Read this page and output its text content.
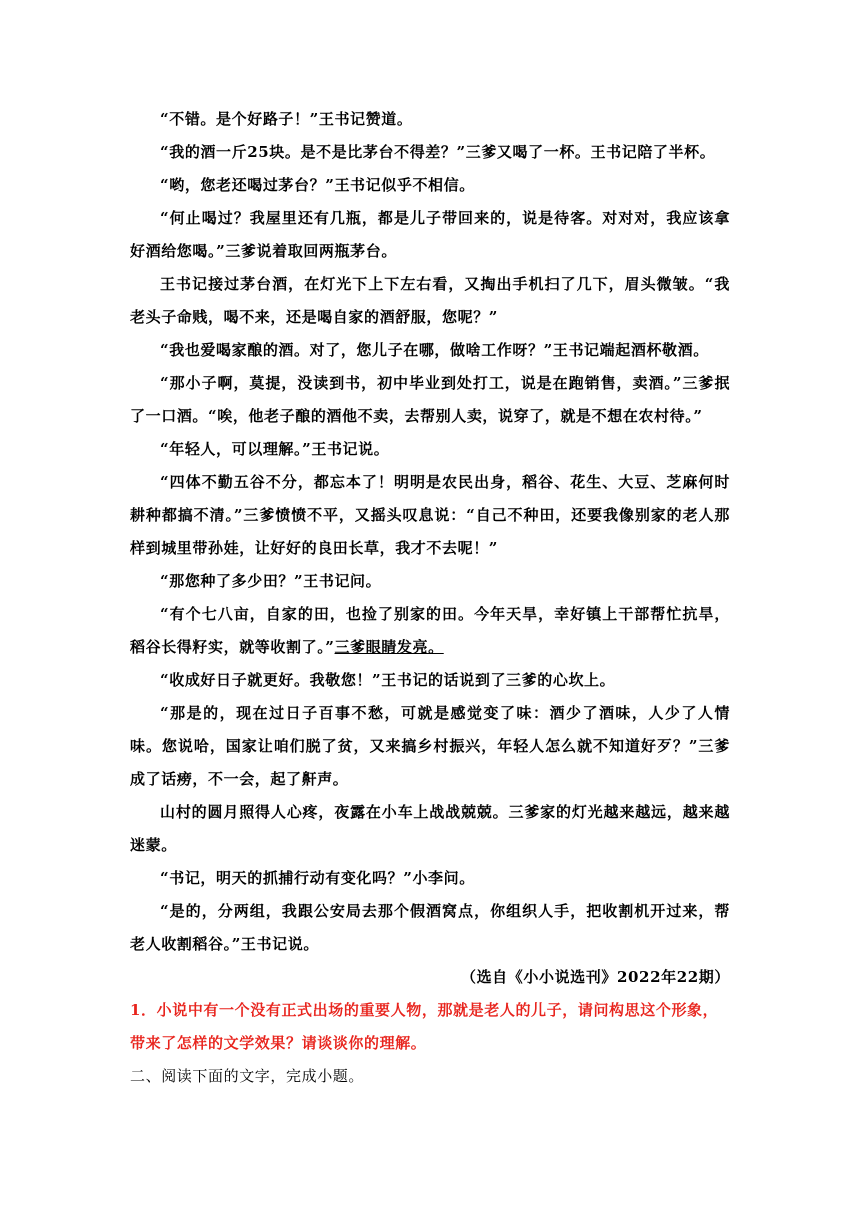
“不错。是个好路子！”王书记赞道。

“我的酒一斤25块。是不是比茅台不得差？”三爹又喝了一杯。王书记陪了半杯。

“哟，您老还喝过茅台？”王书记似乎不相信。

“何止喝过？我屋里还有几瓶，都是儿子带回来的，说是待客。对对对，我应该拿好酒给您喝。”三爹说着取回两瓶茅台。

王书记接过茅台酒，在灯光下上下左右看，又掏出手机扫了几下，眉头微皱。“我老头子命贱，喝不来，还是喝自家的酒舒服，您呢？”

“我也爱喝家酿的酒。对了，您儿子在哪，做啥工作呀？”王书记端起酒杯敬酒。

“那小子啊，莫提，没读到书，初中毕业到处打工，说是在跑销售，卖酒。”三爹抿了一口酒。“唉，他老子酿的酒他不卖，去帮别人卖，说穿了，就是不想在农村待。”

“年轻人，可以理解。”王书记说。

“四体不勤五谷不分，都忘本了！明明是农民出身，稻谷、花生、大豆、芝麻何时耕种都搞不清。”三爹愤愤不平，又摇头叹息说：“自己不种田，还要我像别家的老人那样到城里带孙娃，让好好的良田长草，我才不去呢！”

“那您种了多少田？”王书记问。

“有个七八亩，自家的田，也捡了别家的田。今年天旱，幸好镇上干部帮忙抗旱，稻谷长得籽实，就等收割了。”三爹眼睛发亮。

“收成好日子就更好。我敬您！”王书记的话说到了三爹的心坎上。

“那是的，现在过日子百事不愁，可就是感觉变了味：酒少了酒味，人少了人情味。您说哈，国家让咱们脱了贫，又来搞乡村振兴，年轻人怎么就不知道好歹？”三爹成了话痨，不一会，起了鼾声。

山村的圆月照得人心疼，夜露在小车上战战兢兢。三爹家的灯光越来越远，越来越迷蒙。

“书记，明天的抓捕行动有变化吗？”小李问。

“是的，分两组，我跟公安局去那个假酒窝点，你组织人手，把收割机开过来，帮老人收割稻谷。”王书记说。

（选自《小小说选刊》2022年22期）

1．小说中有一个没有正式出场的重要人物，那就是老人的儿子，请问构思这个形象，带来了怎样的文学效果？请谈谈你的理解。

二、阅读下面的文字，完成小题。
